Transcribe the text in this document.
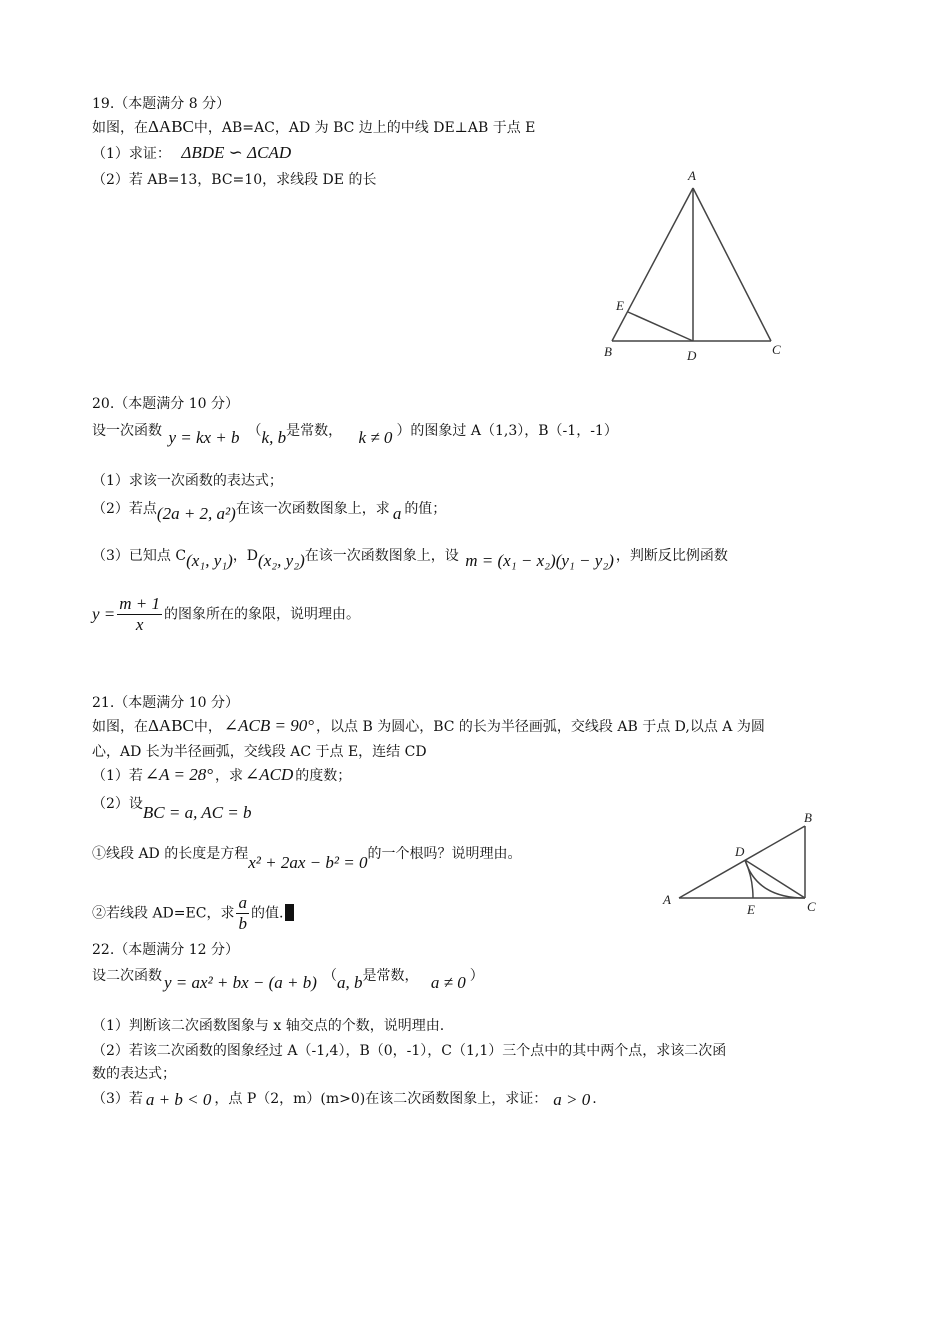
19.（本题满分 8 分）
如图，在ΔABC中，AB=AC，AD 为 BC 边上的中线 DE⊥AB 于点 E
（1）求证： ΔBDE ∽ ΔCAD
（2）若 AB=13，BC=10，求线段 DE 的长	A
B	C
D
E
20.（本题满分 10 分）
设一次函数 y = kx + b （k, b是常数， k ≠ 0 ）的图象过 A（1,3），B（-1，-1）
（1）求该一次函数的表达式；
（2）若点(2a + 2, a²)在该一次函数图象上，求 a 的值；
（3）已知点 C(x₁, y₁)，D(x₂, y₂)在该一次函数图象上，设 m = (x₁ − x₂)(y₁ − y₂) ，判断反比例函数
$y = \frac{m + 1}{x}$ 的图象所在的象限，说明理由。
21.（本题满分 10 分）
如图，在ΔABC中， ∠ACB = 90° ，以点 B 为圆心，BC 的长为半径画弧，交线段 AB 于点 D,以点 A 为圆
心，AD 长为半径画弧，交线段 AC 于点 E，连结 CD
（1）若 ∠A = 28° ，求 ∠ACD 的度数；
（2）设BC = a, AC = b
①线段 AD 的长度是方程x² + 2ax − b² = 0的一个根吗？说明理由。
②若线段 AD=EC，求 $\frac{a}{b}$ 的值.
A
B
C
D
E
22.（本题满分 12 分）
设二次函数 y = ax² + bx − (a + b) （a, b是常数， a ≠ 0 ）
（1）判断该二次函数图象与 x 轴交点的个数，说明理由.
（2）若该二次函数的图象经过 A（-1,4），B（0，-1），C（1,1）三个点中的其中两个点，求该二次函
数的表达式；
（3）若 a + b < 0 ，点 P（2，m）(m>0)在该二次函数图象上，求证： a > 0 .
